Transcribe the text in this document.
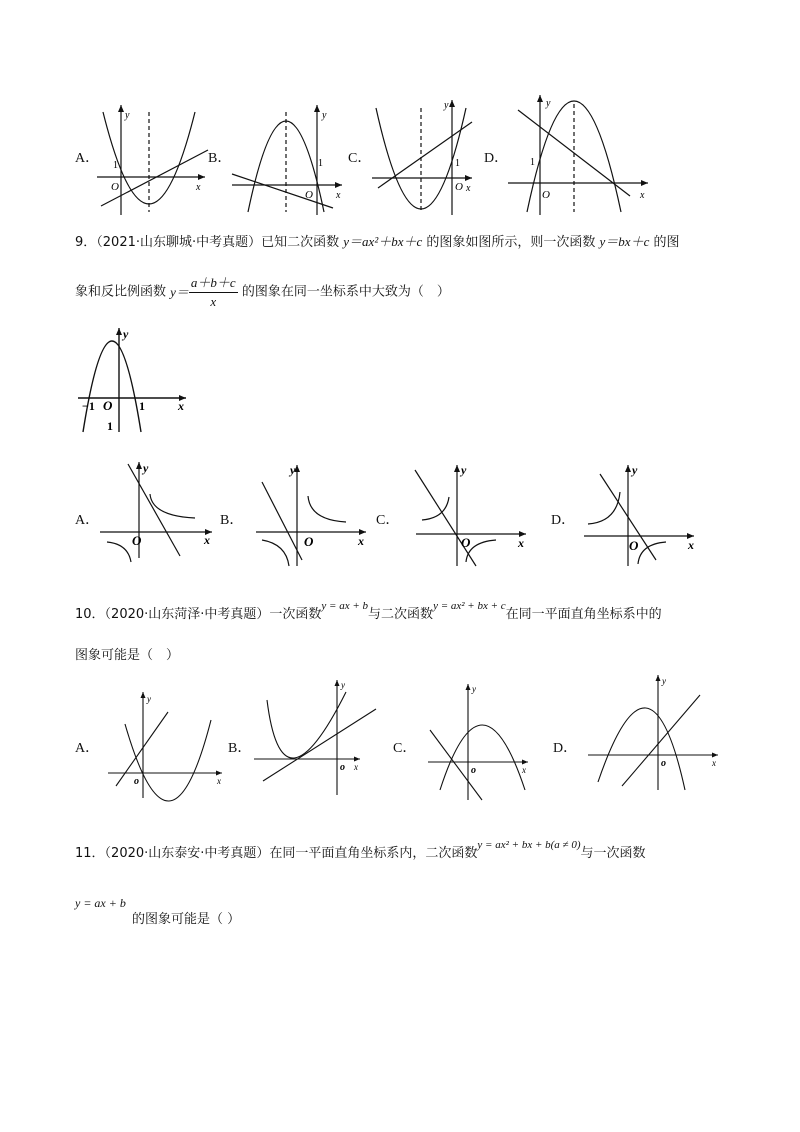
A．
y
x
O
1	B．
y
x
O
1 C．
y
x
O
1 D．
y
x
O
1
9．（2021·山东聊城·中考真题）已知二次函数 y＝ax²＋bx＋c 的图象如图所示，则一次函数 y＝bx＋c 的图
象和反比例函数 $y= \frac{a+b+c}{x}$ 的图象在同一坐标系中大致为（　）
y
x
O
−1	1
1
A．
y
x
O
B．
y
x
O
C．
y
x
O
D．
y
x
O
10．（2020·山东菏泽·中考真题）一次函数$^{y = ax + b}$与二次函数$^{y = ax^2 + bx + c}$在同一平面直角坐标系中的
图象可能是（　）
A．
y
x
o
B．
y
x
o
C．
y
x
o
D．
y
x
o
11．（2020·山东泰安·中考真题）在同一平面直角坐标系内，二次函数$^{y = ax^2 + bx + b(a \ne 0)}$与一次函数
y = ax + b
的图象可能是（ ）
